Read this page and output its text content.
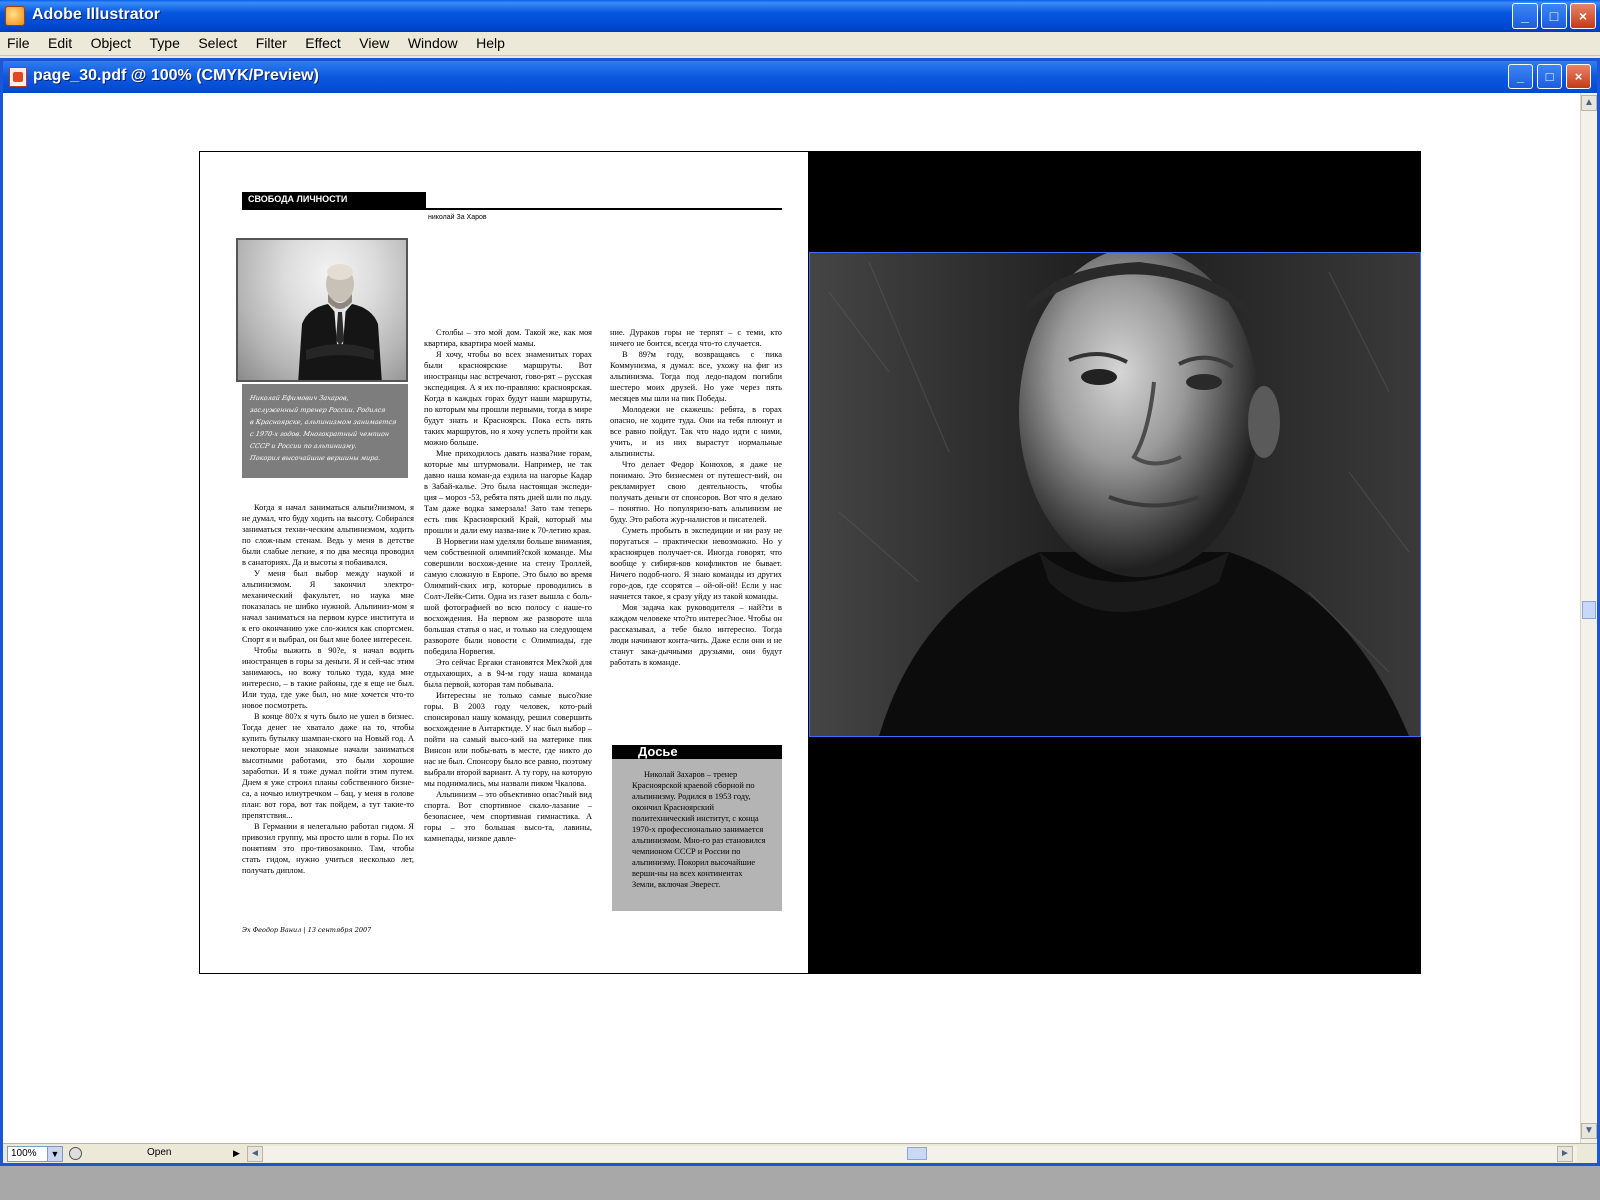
Adobe Illustrator	_	□	×
File Edit Object Type Select Filter Effect View Window Help
page_30.pdf @ 100% (CMYK/Preview)	_	□	×
СВОБОДА ЛИЧНОСТИ
николай За Харов
Николай Ефимович Захаров,
заслуженный тренер России. Родился
в Красноярске, альпинизмом занимается
с 1970-х годов. Многократный чемпион
СССР и России по альпинизму.
Покорил высочайшие вершины мира.

Когда я начал заниматься альпи?низмом, я не думал, что буду ходить на высоту. Собирался заниматься техни-ческим альпинизмом, ходить по слож-ным стенам. Ведь у меня в детстве были слабые легкие, я по два месяца проводил в санаториях. Да и высоты я побаивался.

У меня был выбор между наукой и альпинизмом. Я закончил электро-механический факультет, но наука мне показалась не шибко нужной. Альпиниз-мом я начал заниматься на первом курсе института и к его окончанию уже сло-жился как спортсмен. Спорт я и выбрал, он был мне более интересен.

Чтобы выжить в 90?е, я начал водить иностранцев в горы за деньги. Я и сей-час этим занимаюсь, но вожу только туда, куда мне интересно, – в такие районы, где я еще не был. Или туда, где уже был, но мне хочется что-то новое посмотреть.

В конце 80?х я чуть было не ушел в бизнес. Тогда денег не хватало даже на то, чтобы купить бутылку шампан-ского на Новый год. А некоторые мои знакомые начали заниматься высотными работами, это были хорошие заработки. И я тоже думал пойти этим путем. Днем я уже строил планы собственного бизне-са, а ночью илиутречком – бац, у меня в голове план: вот гора, вот так пойдем, а тут такие-то препятствия...

В Германии я нелегально работал гидом. Я привозил группу, мы просто шли в горы. По их понятиям это про-тивозаконно. Там, чтобы стать гидом, нужно учиться несколько лет, получать диплом.

Столбы – это мой дом. Такой же, как моя квартира, квартира моей мамы.

Я хочу, чтобы во всех знаменитых горах были красноярские маршруты. Вот иностранцы нас встречают, гово-рят – русская экспедиция. А я их по-правляю: красноярская. Когда в каждых горах будут наши маршруты, по которым мы прошли первыми, тогда в мире будут знать и Красноярск. Пока есть пять таких маршрутов, но я хочу успеть пройти как можно больше.

Мне приходилось давать назва?ние горам, которые мы штурмовали. Например, не так давно наша коман-да ездила на нагорье Кадар в Забай-калье. Это была настоящая экспеди-ция – мороз -53, ребята пять дней шли по льду. Там даже водка замерзала! Зато там теперь есть пик Красноярский Край, который мы прошли и дали ему назва-ние к 70-летию края.

В Норвегии нам уделяли больше внимания, чем собственной олимпий?ской команде. Мы совершили восхож-дение на стену Троллей, самую сложную в Европе. Это было во время Олимпий-ских игр, которые проводились в Солт-Лейк-Сити. Одна из газет вышла с боль-шой фотографией во всю полосу с наше-го восхождения. На первом же развороте шла большая статья о нас, и только на следующем развороте были новости с Олимпиады, где победила Норвегия.

Это сейчас Ергаки становятся Мек?кой для отдыхающих, а в 94-м году наша команда была первой, которая там побывала.

Интересны не только самые высо?кие горы. В 2003 году человек, кото-рый спонсировал нашу команду, решил совершить восхождение в Антарктиде. У нас был выбор – пойти на самый высо-кий на материке пик Винсон или побы-вать в месте, где никто до нас не был. Спонсору было все равно, поэтому выбрали второй вариант. А ту гору, на которую мы поднимались, мы назвали пиком Чкалова.

Альпинизм – это объективно опас?ный вид спорта. Вот спортивное скало-лазание – безопаснее, чем спортивная гимнастика. А горы – это большая высо-та, лавины, камнепады, низкое давле-

ние. Дураков горы не терпят – с теми, кто ничего не боится, всегда что-то случается.

В 89?м году, возвращаясь с пика Коммунизма, я думал: все, ухожу на фиг из альпинизма. Тогда под ледо-падом погибли шестеро моих друзей. Но уже через пять месяцев мы шли на пик Победы.

Молодежи не скажешь: ребята, в горах опасно, не ходите туда. Они на тебя плюнут и все равно пойдут. Так что надо идти с ними, учить, и из них вырастут нормальные альпинисты.

Что делает Федор Конюхов, я даже не понимаю. Это бизнесмен от путешест-вий, он рекламирует свою деятельность, чтобы получать деньги от спонсоров. Вот что я делаю – понятно. Но популяризо-вать альпинизм не буду. Это работа жур-налистов и писателей.

Суметь пробыть в экспедиции и ни разу не поругаться – практически невозможно. Но у красноярцев получает-ся. Иногда говорят, что вообще у сибиря-ков конфликтов не бывает. Ничего подоб-ного. Я знаю команды из других горо-дов, где ссорятся – ой-ой-ой! Если у нас начнется такое, я сразу уйду из такой команды.

Моя задача как руководителя – най?ти в каждом человеке что?то интерес?ное. Чтобы он рассказывал, а тебе было интересно. Тогда люди начинают конта-чить. Даже если они и не станут зака-дычными друзьями, они будут работать в команде.

Досье

Николай Захаров – тренер Красноярской краевой сборной по альпинизму. Родился в 1953 году, окончил Красноярский политехнический институт, с конца 1970-х профессионально занимается альпинизмом. Мно-го раз становился чемпионом СССР и России по альпинизму. Покорил высочайшие верши-ны на всех континентах Земли, включая Эверест.

Эх Феодор Ванил | 13 сентября 2007
▲
▼
100%	▼	Open	▶	◄	►
